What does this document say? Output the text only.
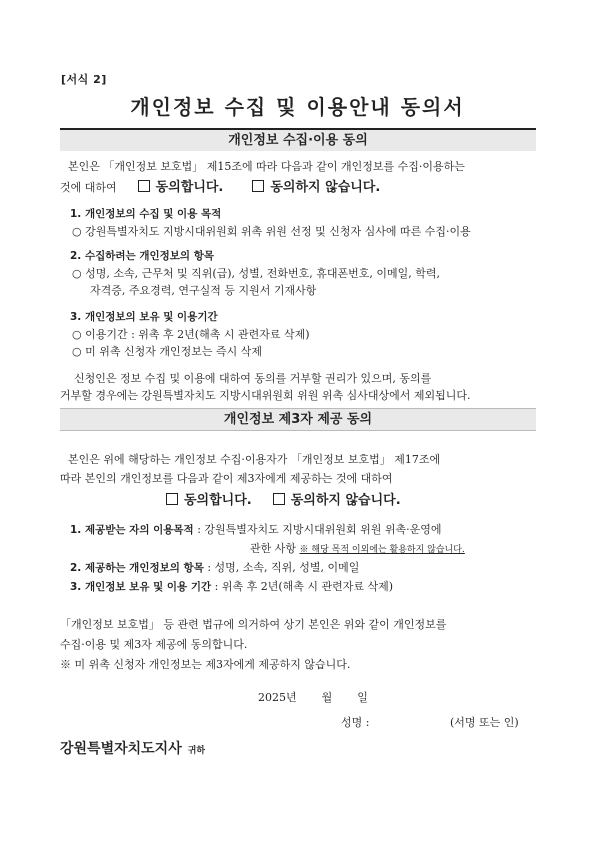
[서식 2]
개인정보 수집 및 이용안내 동의서
개인정보 수집·이용 동의
본인은 「개인정보 보호법」 제15조에 따라 다음과 같이 개인정보를 수집·이용하는
것에 대하여	동의합니다.	동의하지 않습니다.
1. 개인정보의 수집 및 이용 목적
○ 강원특별자치도 지방시대위원회 위촉 위원 선정 및 신청자 심사에 따른 수집·이용
2. 수집하려는 개인정보의 항목
○ 성명, 소속, 근무처 및 직위(급), 성별, 전화번호, 휴대폰번호, 이메일, 학력,
자격증, 주요경력, 연구실적 등 지원서 기재사항
3. 개인정보의 보유 및 이용기간
○ 이용기간 : 위촉 후 2년(해촉 시 관련자료 삭제)
○ 미 위촉 신청자 개인정보는 즉시 삭제
신청인은 정보 수집 및 이용에 대하여 동의를 거부할 권리가 있으며, 동의를
거부할 경우에는 강원특별자치도 지방시대위원회 위원 위촉 심사대상에서 제외됩니다.
개인정보 제3자 제공 동의
본인은 위에 해당하는 개인정보 수집·이용자가 「개인정보 보호법」 제17조에
따라 본인의 개인정보를 다음과 같이 제3자에게 제공하는 것에 대하여
동의합니다.	동의하지 않습니다.
1. 제공받는 자의 이용목적 : 강원특별자치도 지방시대위원회 위원 위촉·운영에
관한 사항 ※ 해당 목적 이외에는 활용하지 않습니다.
2. 제공하는 개인정보의 항목 : 성명, 소속, 직위, 성별, 이메일
3. 개인정보 보유 및 이용 기간 : 위촉 후 2년(해촉 시 관련자료 삭제)
「개인정보 보호법」 등 관련 법규에 의거하여 상기 본인은 위와 같이 개인정보를
수집·이용 및 제3자 제공에 동의합니다.
※ 미 위촉 신청자 개인정보는 제3자에게 제공하지 않습니다.
2025년 월 일
성명 :	(서명 또는 인)
강원특별자치도지사 귀하
